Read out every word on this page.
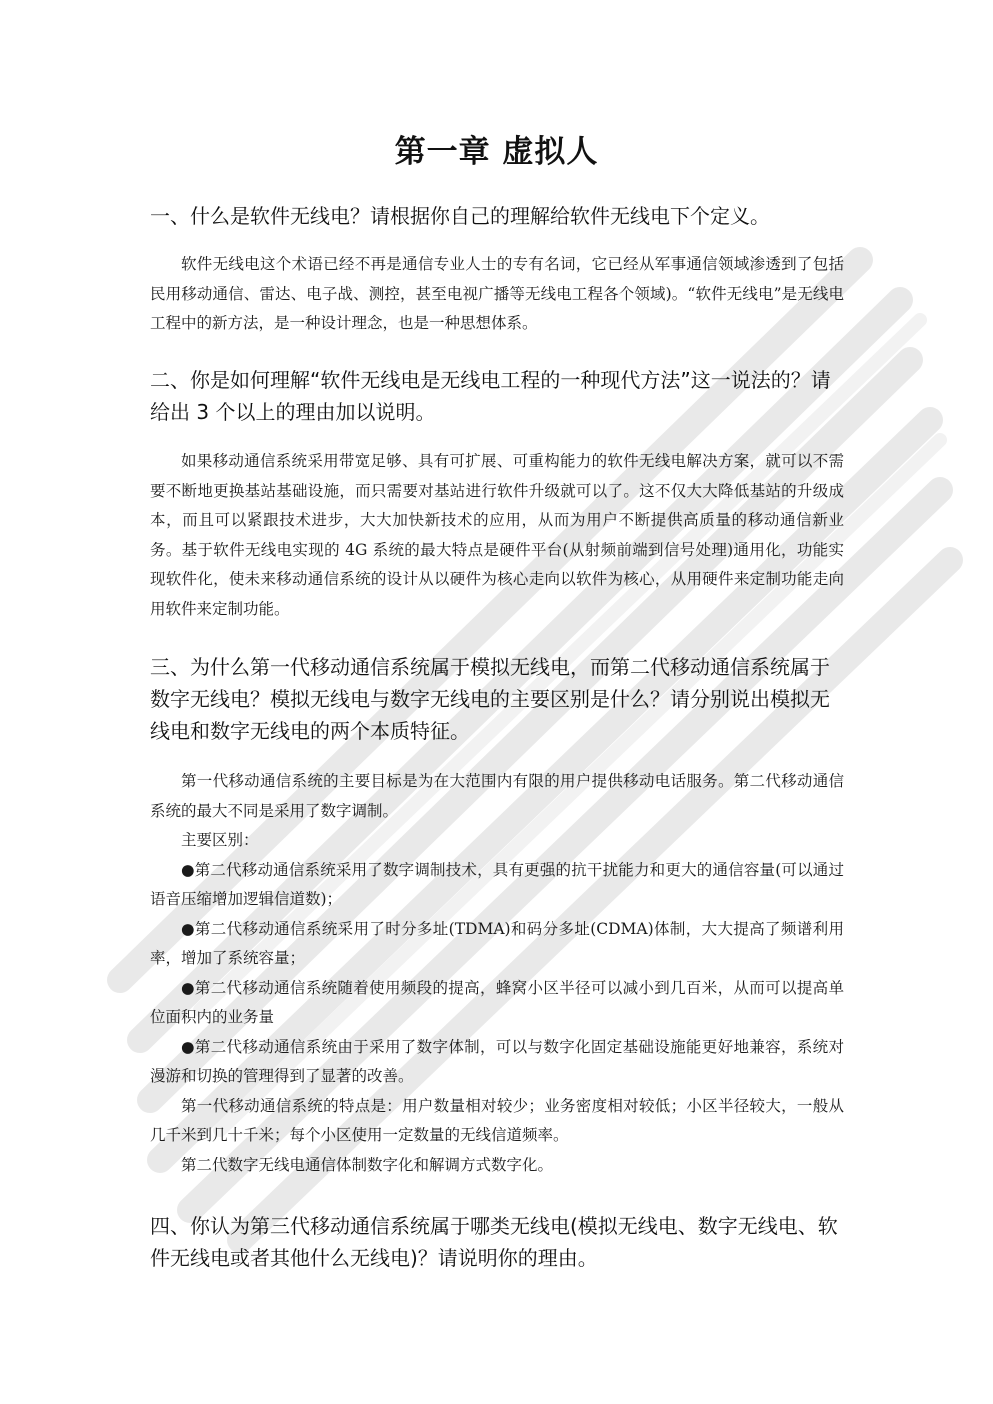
第一章 虚拟人
一、什么是软件无线电？请根据你自己的理解给软件无线电下个定义。

软件无线电这个术语已经不再是通信专业人士的专有名词，它已经从军事通信领域渗透到了包括民用移动通信、雷达、电子战、测控，甚至电视广播等无线电工程各个领域)。“软件无线电”是无线电工程中的新方法，是一种设计理念，也是一种思想体系。

二、你是如何理解“软件无线电是无线电工程的一种现代方法”这一说法的？请给出 3 个以上的理由加以说明。

如果移动通信系统采用带宽足够、具有可扩展、可重构能力的软件无线电解决方案，就可以不需要不断地更换基站基础设施，而只需要对基站进行软件升级就可以了。这不仅大大降低基站的升级成本，而且可以紧跟技术进步，大大加快新技术的应用，从而为用户不断提供高质量的移动通信新业务。基于软件无线电实现的 4G 系统的最大特点是硬件平台(从射频前端到信号处理)通用化，功能实现软件化，使未来移动通信系统的设计从以硬件为核心走向以软件为核心，从用硬件来定制功能走向用软件来定制功能。

三、为什么第一代移动通信系统属于模拟无线电，而第二代移动通信系统属于数字无线电？模拟无线电与数字无线电的主要区别是什么？请分别说出模拟无线电和数字无线电的两个本质特征。

第一代移动通信系统的主要目标是为在大范围内有限的用户提供移动电话服务。第二代移动通信系统的最大不同是采用了数字调制。

主要区别：

●第二代移动通信系统采用了数字调制技术，具有更强的抗干扰能力和更大的通信容量(可以通过语音压缩增加逻辑信道数)；

●第二代移动通信系统采用了时分多址(TDMA)和码分多址(CDMA)体制，大大提高了频谱利用率，增加了系统容量；

●第二代移动通信系统随着使用频段的提高，蜂窝小区半径可以减小到几百米，从而可以提高单位面积内的业务量

●第二代移动通信系统由于采用了数字体制，可以与数字化固定基础设施能更好地兼容，系统对漫游和切换的管理得到了显著的改善。

第一代移动通信系统的特点是：用户数量相对较少；业务密度相对较低；小区半径较大，一般从几千米到几十千米；每个小区使用一定数量的无线信道频率。

第二代数字无线电通信体制数字化和解调方式数字化。

四、你认为第三代移动通信系统属于哪类无线电(模拟无线电、数字无线电、软件无线电或者其他什么无线电)？请说明你的理由。
